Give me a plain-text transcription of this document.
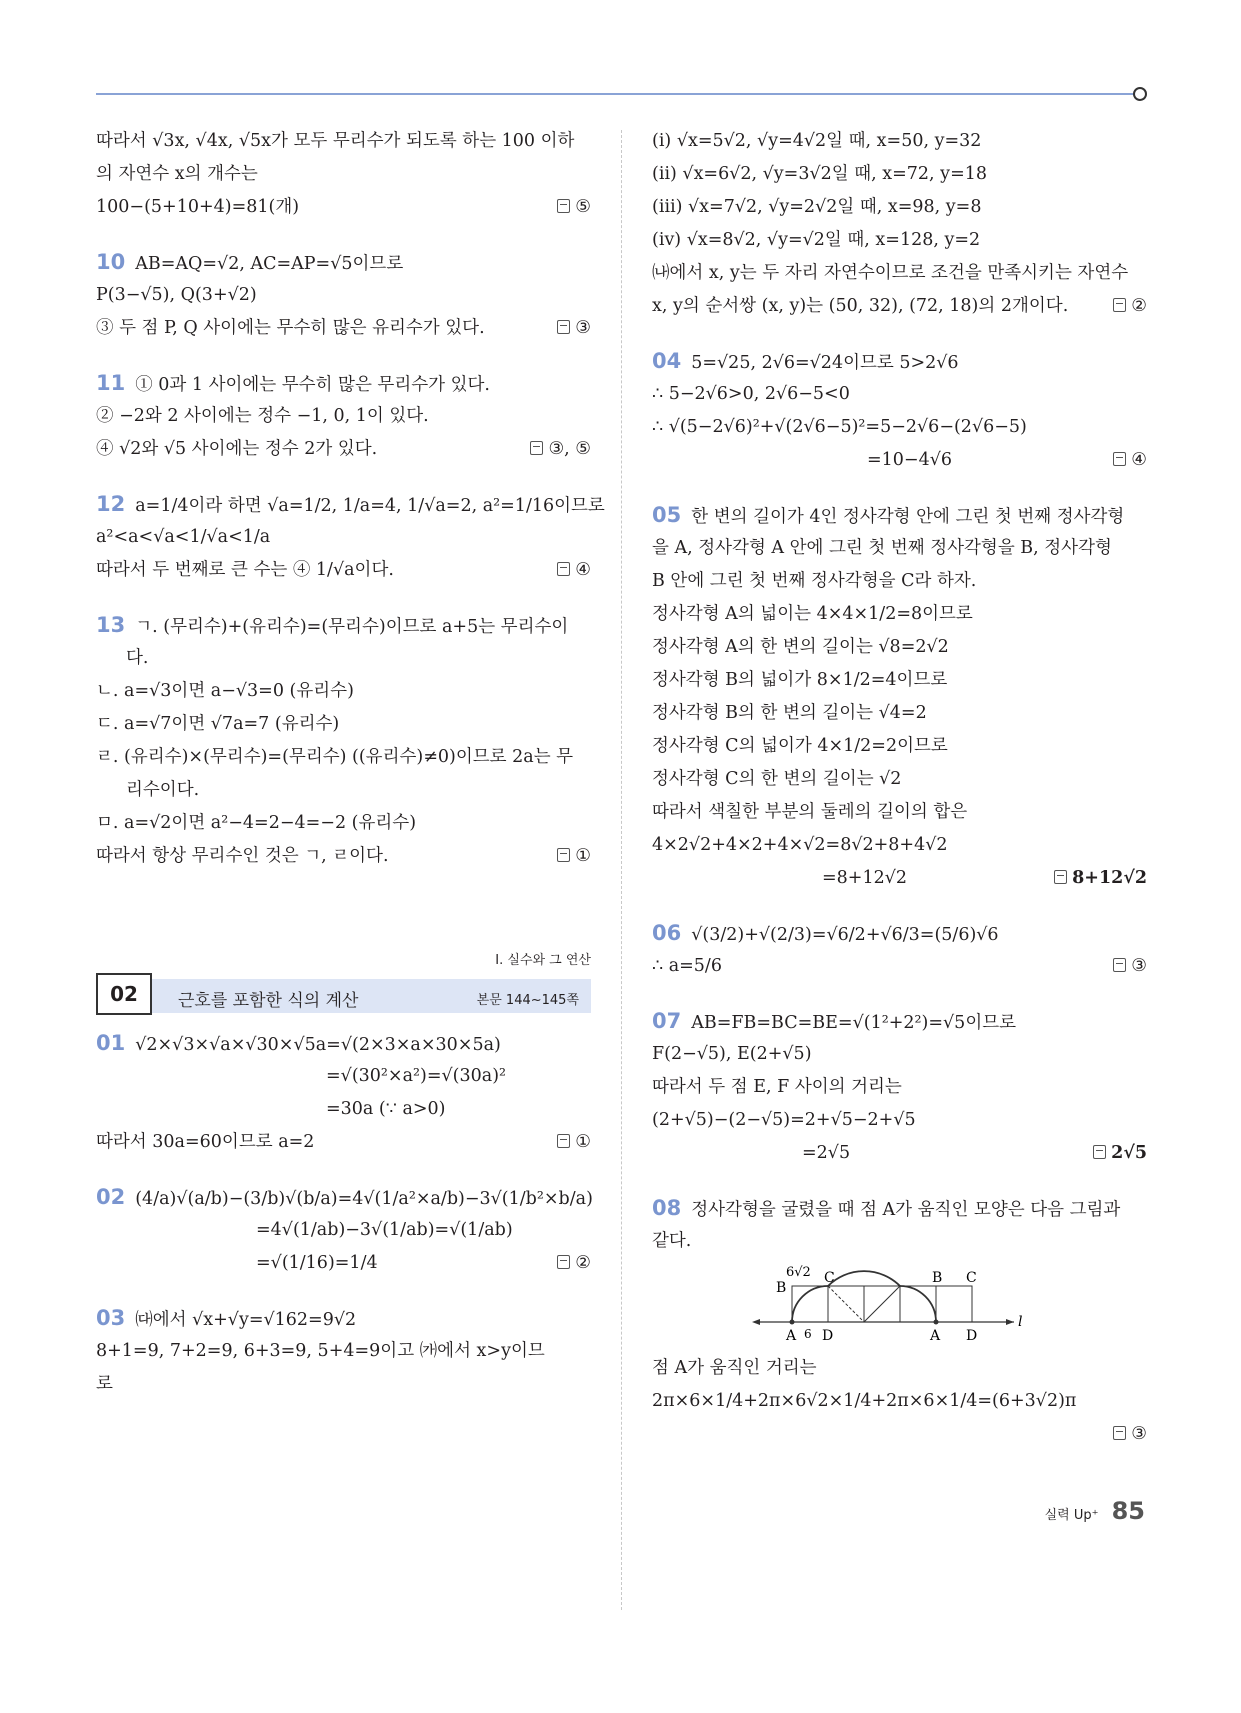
따라서 √3x, √4x, √5x가 모두 무리수가 되도록 하는 100 이하
의 자연수 x의 개수는
100−(5+10+4)=81(개)	⑤
10 AB=AQ=√2, AC=AP=√5이므로
P(3−√5), Q(3+√2)
③ 두 점 P, Q 사이에는 무수히 많은 유리수가 있다.	③
11 ① 0과 1 사이에는 무수히 많은 무리수가 있다.
② −2와 2 사이에는 정수 −1, 0, 1이 있다.
④ √2와 √5 사이에는 정수 2가 있다.	③, ⑤
12 a=1/4이라 하면 √a=1/2, 1/a=4, 1/√a=2, a²=1/16이므로
a²<a<√a<1/√a<1/a
따라서 두 번째로 큰 수는 ④ 1/√a이다.	④
13 ㄱ. (무리수)+(유리수)=(무리수)이므로 a+5는 무리수이
다.
ㄴ. a=√3이면 a−√3=0 (유리수)
ㄷ. a=√7이면 √7a=7 (유리수)
ㄹ. (유리수)×(무리수)=(무리수) ((유리수)≠0)이므로 2a는 무
리수이다.
ㅁ. a=√2이면 a²−4=2−4=−2 (유리수)
따라서 항상 무리수인 것은 ㄱ, ㄹ이다.	①
Ⅰ. 실수와 그 연산
02	근호를 포함한 식의 계산	본문 144~145쪽
01 √2×√3×√a×√30×√5a=√(2×3×a×30×5a)
=√(30²×a²)=√(30a)²
=30a (∵ a>0)
따라서 30a=60이므로 a=2	①
02 (4/a)√(a/b)−(3/b)√(b/a)=4√(1/a²×a/b)−3√(1/b²×b/a)
=4√(1/ab)−3√(1/ab)=√(1/ab)
=√(1/16)=1/4	②
03 ㈐에서 √x+√y=√162=9√2
8+1=9, 7+2=9, 6+3=9, 5+4=9이고 ㈎에서 x>y이므
로
(ⅰ) √x=5√2, √y=4√2일 때, x=50, y=32
(ⅱ) √x=6√2, √y=3√2일 때, x=72, y=18
(ⅲ) √x=7√2, √y=2√2일 때, x=98, y=8
(ⅳ) √x=8√2, √y=√2일 때, x=128, y=2
㈏에서 x, y는 두 자리 자연수이므로 조건을 만족시키는 자연수
x, y의 순서쌍 (x, y)는 (50, 32), (72, 18)의 2개이다.	②
04 5=√25, 2√6=√24이므로 5>2√6
∴ 5−2√6>0, 2√6−5<0
∴ √(5−2√6)²+√(2√6−5)²=5−2√6−(2√6−5)
=10−4√6	④
05 한 변의 길이가 4인 정사각형 안에 그린 첫 번째 정사각형
을 A, 정사각형 A 안에 그린 첫 번째 정사각형을 B, 정사각형
B 안에 그린 첫 번째 정사각형을 C라 하자.
정사각형 A의 넓이는 4×4×1/2=8이므로
정사각형 A의 한 변의 길이는 √8=2√2
정사각형 B의 넓이가 8×1/2=4이므로
정사각형 B의 한 변의 길이는 √4=2
정사각형 C의 넓이가 4×1/2=2이므로
정사각형 C의 한 변의 길이는 √2
따라서 색칠한 부분의 둘레의 길이의 합은
4×2√2+4×2+4×√2=8√2+8+4√2
=8+12√2	8+12√2
06 √(3/2)+√(2/3)=√6/2+√6/3=(5/6)√6
∴ a=5/6	③
07 AB=FB=BC=BE=√(1²+2²)=√5이므로
F(2−√5), E(2+√5)
따라서 두 점 E, F 사이의 거리는
(2+√5)−(2−√5)=2+√5−2+√5
=2√5	2√5
08 정사각형을 굴렸을 때 점 A가 움직인 모양은 다음 그림과
같다.
6√2 C
B
C
B
A 6 D	A D
l
점 A가 움직인 거리는
2π×6×1/4+2π×6√2×1/4+2π×6×1/4=(6+3√2)π
③
실력 Up⁺ 85
